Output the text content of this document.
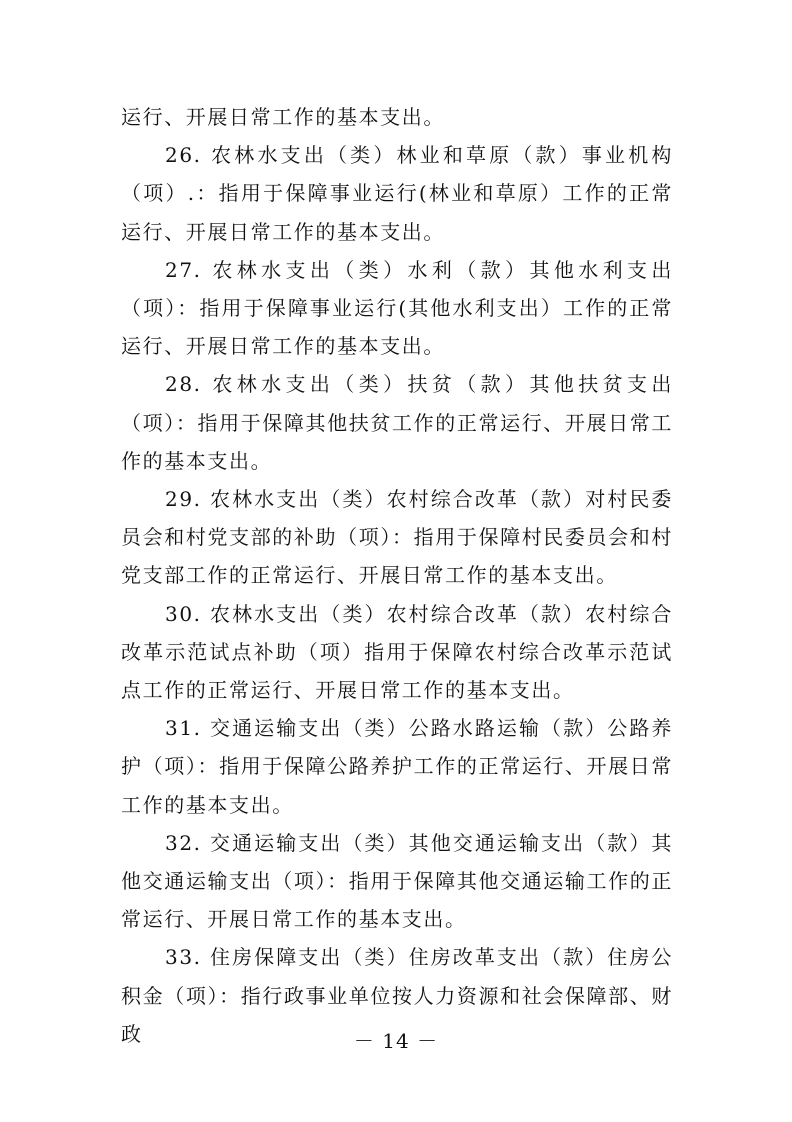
运行、开展日常工作的基本支出。

26. 农林水支出（类）林业和草原（款）事业机构（项）.：指用于保障事业运行(林业和草原）工作的正常运行、开展日常工作的基本支出。

27. 农林水支出（类）水利（款）其他水利支出（项）：指用于保障事业运行(其他水利支出）工作的正常运行、开展日常工作的基本支出。

28. 农林水支出（类）扶贫（款）其他扶贫支出（项）：指用于保障其他扶贫工作的正常运行、开展日常工作的基本支出。

29. 农林水支出（类）农村综合改革（款）对村民委员会和村党支部的补助（项）：指用于保障村民委员会和村党支部工作的正常运行、开展日常工作的基本支出。

30. 农林水支出（类）农村综合改革（款）农村综合改革示范试点补助（项）指用于保障农村综合改革示范试点工作的正常运行、开展日常工作的基本支出。

31. 交通运输支出（类）公路水路运输（款）公路养护（项）：指用于保障公路养护工作的正常运行、开展日常工作的基本支出。

32. 交通运输支出（类）其他交通运输支出（款）其他交通运输支出（项）：指用于保障其他交通运输工作的正常运行、开展日常工作的基本支出。

33. 住房保障支出（类）住房改革支出（款）住房公积金（项）：指行政事业单位按人力资源和社会保障部、财政	－ 14 －
